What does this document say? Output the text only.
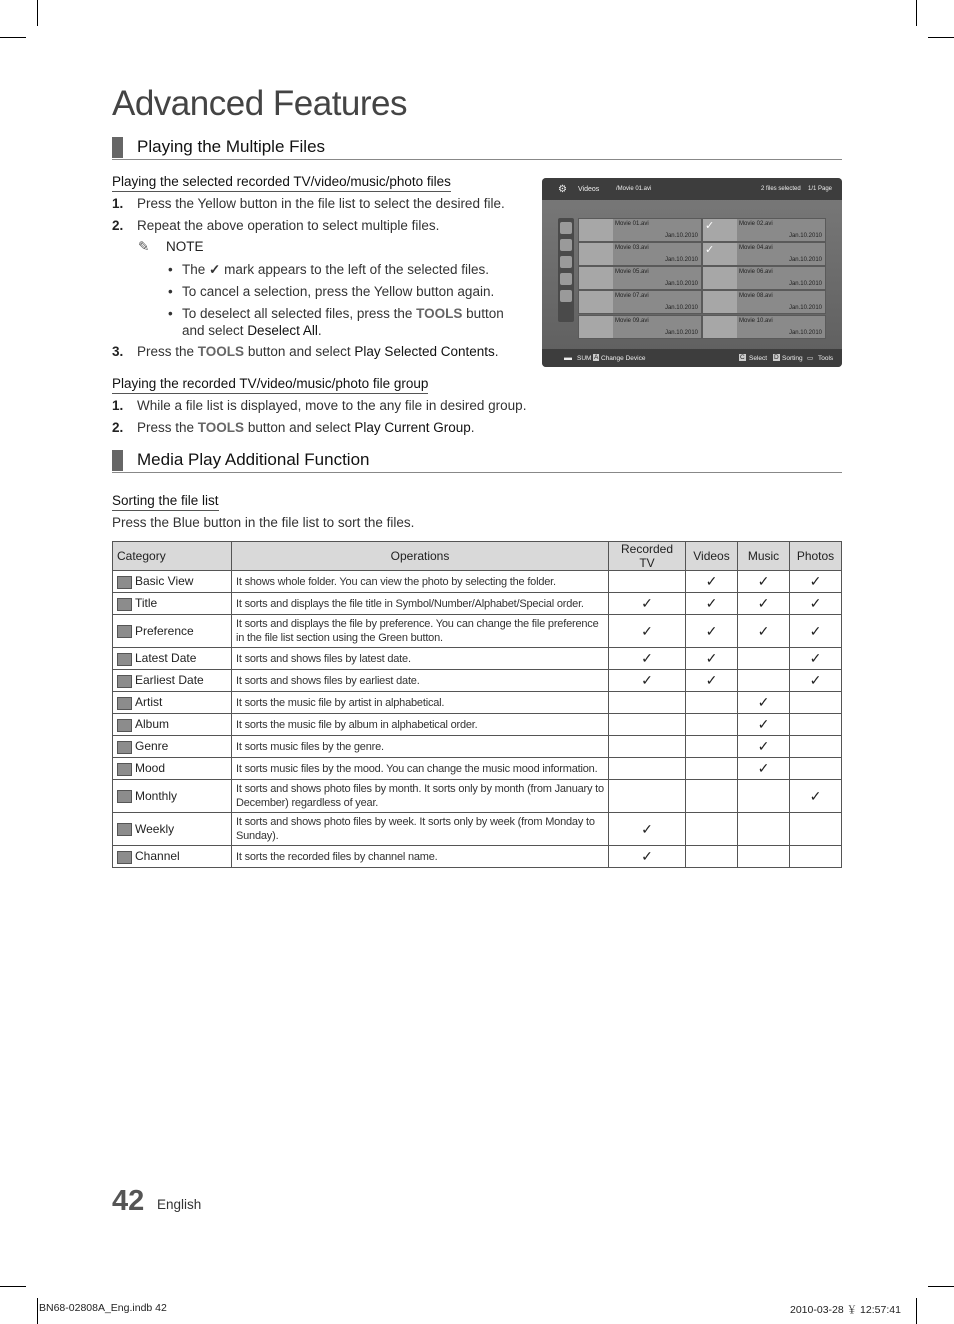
Advanced Features
Playing the Multiple Files
Playing the selected recorded TV/video/music/photo files
1. Press the Yellow button in the file list to select the desired file.
2. Repeat the above operation to select multiple files.
✎ NOTE
• The ✓ mark appears to the left of the selected files.
• To cancel a selection, press the Yellow button again.
• To deselect all selected files, press the TOOLS button
and select Deselect All.
3. Press the TOOLS button and select Play Selected Contents.
Playing the recorded TV/video/music/photo file group
1. While a file list is displayed, move to the any file in desired group.
2. Press the TOOLS button and select Play Current Group.
⚙ Videos	/Movie 01.avi	2 files selected 1/1 Page
Movie 01.avi
Jan.10.2010
✓	Movie 02.avi
Jan.10.2010
Movie 03.avi
Jan.10.2010
✓	Movie 04.avi
Jan.10.2010
Movie 05.avi
Jan.10.2010
Movie 06.avi
Jan.10.2010
Movie 07.avi
Jan.10.2010
Movie 08.avi
Jan.10.2010
Movie 09.avi
Jan.10.2010
Movie 10.avi
Jan.10.2010
▬ SUM A Change Device	C Select D Sorting ▭ Tools
Media Play Additional Function
Sorting the file list
Press the Blue button in the file list to sort the files.
Category	Operations	Recorded TV	Videos	Music	Photos
Basic View	It shows whole folder. You can view the photo by selecting the folder.		✓	✓	✓
Title	It sorts and displays the file title in Symbol/Number/Alphabet/Special order.	✓	✓	✓	✓
Preference	It sorts and displays the file by preference. You can change the file preference in the file list section using the Green button.	✓	✓	✓	✓
Latest Date	It sorts and shows files by latest date.	✓	✓		✓
Earliest Date	It sorts and shows files by earliest date.	✓	✓		✓
Artist	It sorts the music file by artist in alphabetical.			✓	
Album	It sorts the music file by album in alphabetical order.			✓	
Genre	It sorts music files by the genre.			✓	
Mood	It sorts music files by the mood. You can change the music mood information.			✓	
Monthly	It sorts and shows photo files by month. It sorts only by month (from January to December) regardless of year.				✓
Weekly	It sorts and shows photo files by week. It sorts only by week (from Monday to Sunday).	✓			
Channel	It sorts the recorded files by channel name.	✓			
42 English
BN68-02808A_Eng.indb 42	2010-03-28 ￥ 12:57:41
